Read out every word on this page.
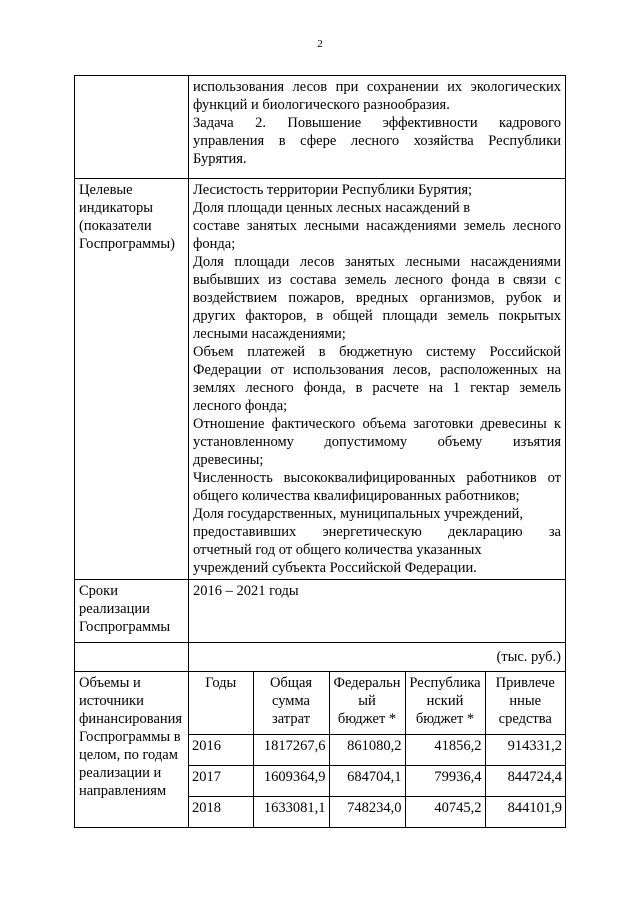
2

использования лесов при сохранении их экологических
функций и биологического разнообразия.
Задача 2. Повышение эффективности кадрового
управления в сфере лесного хозяйства Республики
Бурятия.

Целевые
индикаторы
(показатели
Госпрограммы)

Лесистость территории Республики Бурятия;
Доля площади ценных лесных насаждений в
составе занятых лесными насаждениями земель лесного
фонда;
Доля площади лесов занятых лесными насаждениями
выбывших из состава земель лесного фонда в связи с
воздействием пожаров, вредных организмов, рубок и
других факторов, в общей площади земель покрытых
лесными насаждениями;
Объем платежей в бюджетную систему Российской
Федерации от использования лесов, расположенных на
землях лесного фонда, в расчете на 1 гектар земель
лесного фонда;
Отношение фактического объема заготовки древесины к
установленному допустимому объему изъятия
древесины;
Численность высококвалифицированных работников от
общего количества квалифицированных работников;
Доля государственных, муниципальных учреждений,
предоставивших энергетическую декларацию за
отчетный год от общего количества указанных
учреждений субъекта Российской Федерации.

Сроки
реализации
Госпрограммы
	2016 – 2021 годы
	(тыс. руб.)

Объемы и
источники
финансирования
Госпрограммы в
целом, по годам
реализации и
направлениям

Годы	Общая
сумма
затрат

Федеральн
ый
бюджет *

Республика
нский
бюджет *

Привлече
нные
средства

2016	1817267,6	861080,2	41856,2	914331,2
2017	1609364,9	684704,1	79936,4	844724,4
2018	1633081,1	748234,0	40745,2	844101,9
